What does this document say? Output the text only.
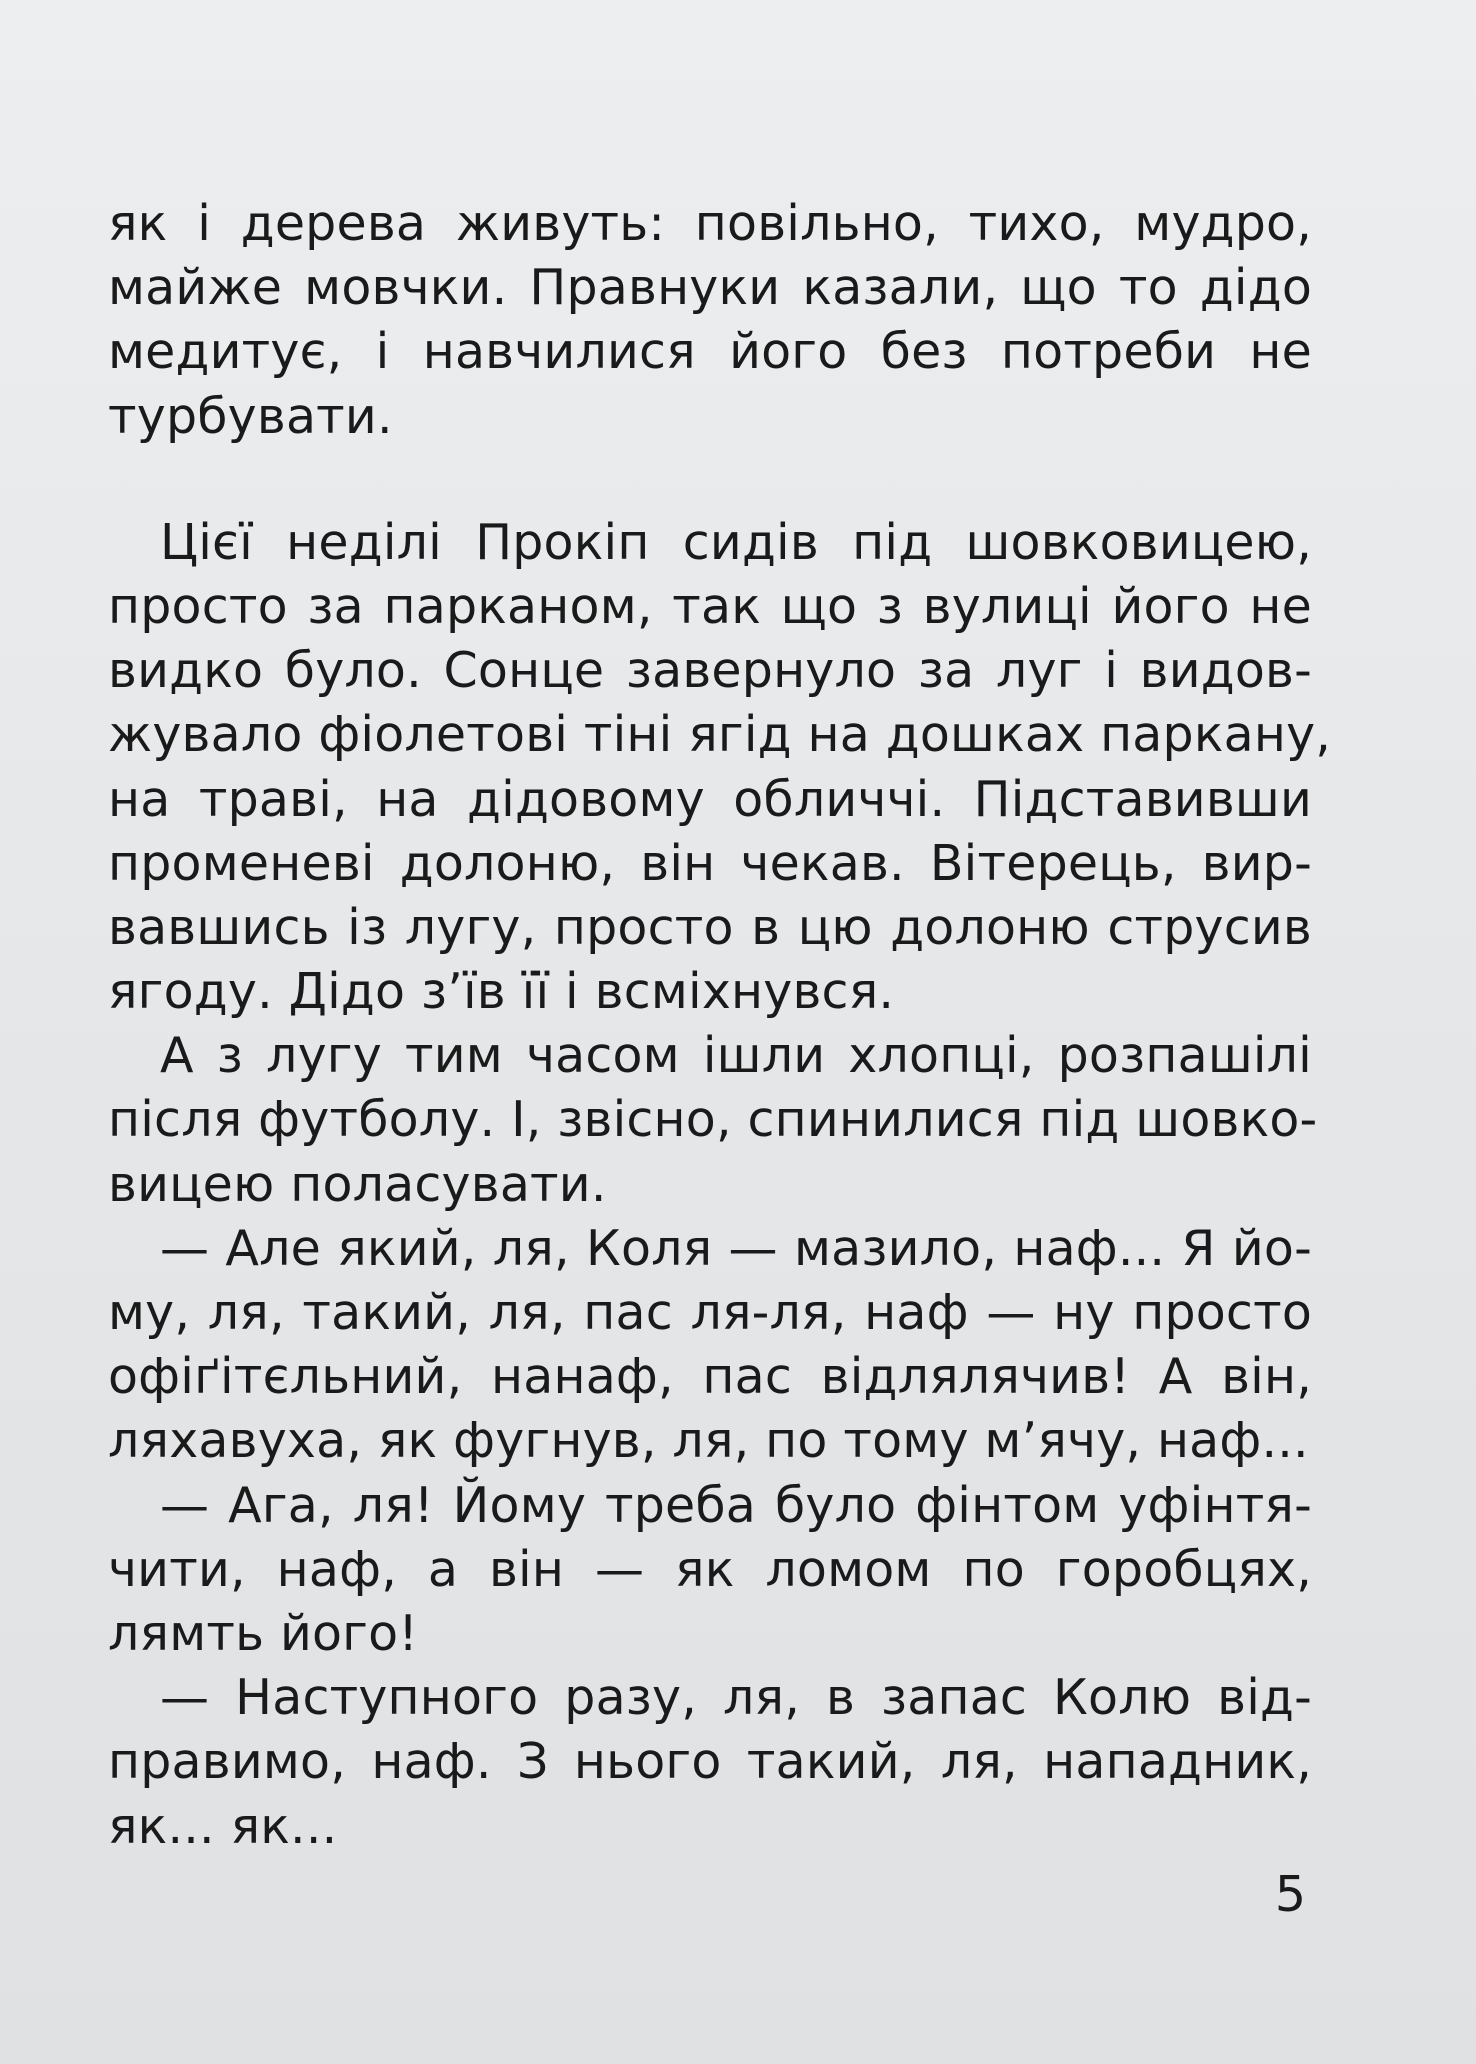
як і дерева живуть: повільно, тихо, мудро,
майже мовчки. Правнуки казали, що то дідо
медитує, і навчилися його без потреби не
турбувати.
Цієї неділі Прокіп сидів під шовковицею,
просто за парканом, так що з вулиці його не
видко було. Сонце завернуло за луг і видов-
жувало фіолетові тіні ягід на дошках паркану,
на траві, на дідовому обличчі. Підставивши
променеві долоню, він чекав. Вітерець, вир-
вавшись із лугу, просто в цю долоню струсив
ягоду. Дідо з’їв її і всміхнувся.
А з лугу тим часом ішли хлопці, розпашілі
після футболу. І, звісно, спинилися під шовко-
вицею поласувати.
— Але який, ля, Коля — мазило, наф... Я йо-
му, ля, такий, ля, пас ля-ля, наф — ну просто
офіґітєльний, нанаф, пас відлялячив! А він,
ляхавуха, як фугнув, ля, по тому м’ячу, наф...
— Ага, ля! Йому треба було фінтом уфінтя-
чити, наф, а він — як ломом по горобцях,
лямть його!
— Наступного разу, ля, в запас Колю від-
правимо, наф. З нього такий, ля, нападник,
як... як...
5
